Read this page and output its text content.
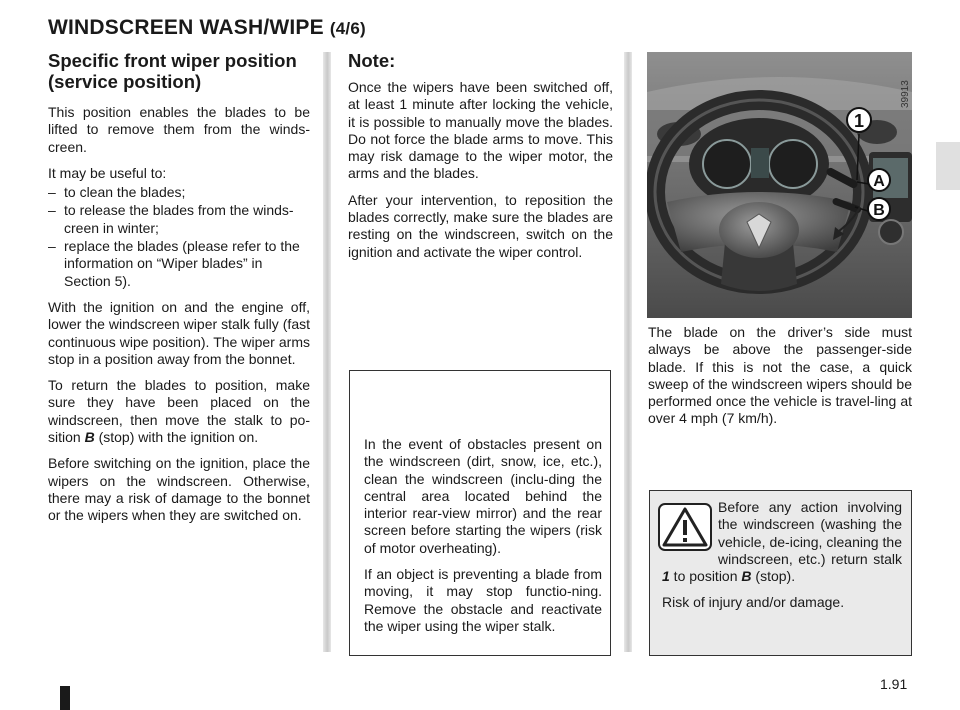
WINDSCREEN WASH/WIPE (4/6)
Specific front wiper position (service position)

This position enables the blades to be lifted to remove them from the winds-creen.

It may be useful to:

– to clean the blades;
– to release the blades from the winds-creen in winter;
– replace the blades (please refer to the information on “Wiper blades” in Section 5).

With the ignition on and the engine off, lower the windscreen wiper stalk fully (fast continuous wipe position). The wiper arms stop in a position away from the bonnet.

To return the blades to position, make sure they have been placed on the windscreen, then move the stalk to po-sition B (stop) with the ignition on.

Before switching on the ignition, place the wipers on the windscreen. Otherwise, there may a risk of damage to the bonnet or the wipers when they are switched on.

Note:

Once the wipers have been switched off, at least 1 minute after locking the vehicle, it is possible to manually move the blades. Do not force the blade arms to move. This may risk damage to the wiper motor, the arms and the blades.

After your intervention, to reposition the blades correctly, make sure the blades are resting on the windscreen, switch on the ignition and activate the wiper control.

In the event of obstacles present on the windscreen (dirt, snow, ice, etc.), clean the windscreen (inclu-ding the central area located behind the interior rear-view mirror) and the rear screen before starting the wipers (risk of motor overheating).

If an object is preventing a blade from moving, it may stop functio-ning. Remove the obstacle and reactivate the wiper using the wiper stalk.

1
A
B
39913

The blade on the driver’s side must always be above the passenger-side blade. If this is not the case, a quick sweep of the windscreen wipers should be performed once the vehicle is travel-ling at over 4 mph (7 km/h).

Before any action involving the windscreen (washing the vehicle, de-icing, cleaning the windscreen, etc.) return stalk 1 to position B (stop).

Risk of injury and/or damage.

1.91
